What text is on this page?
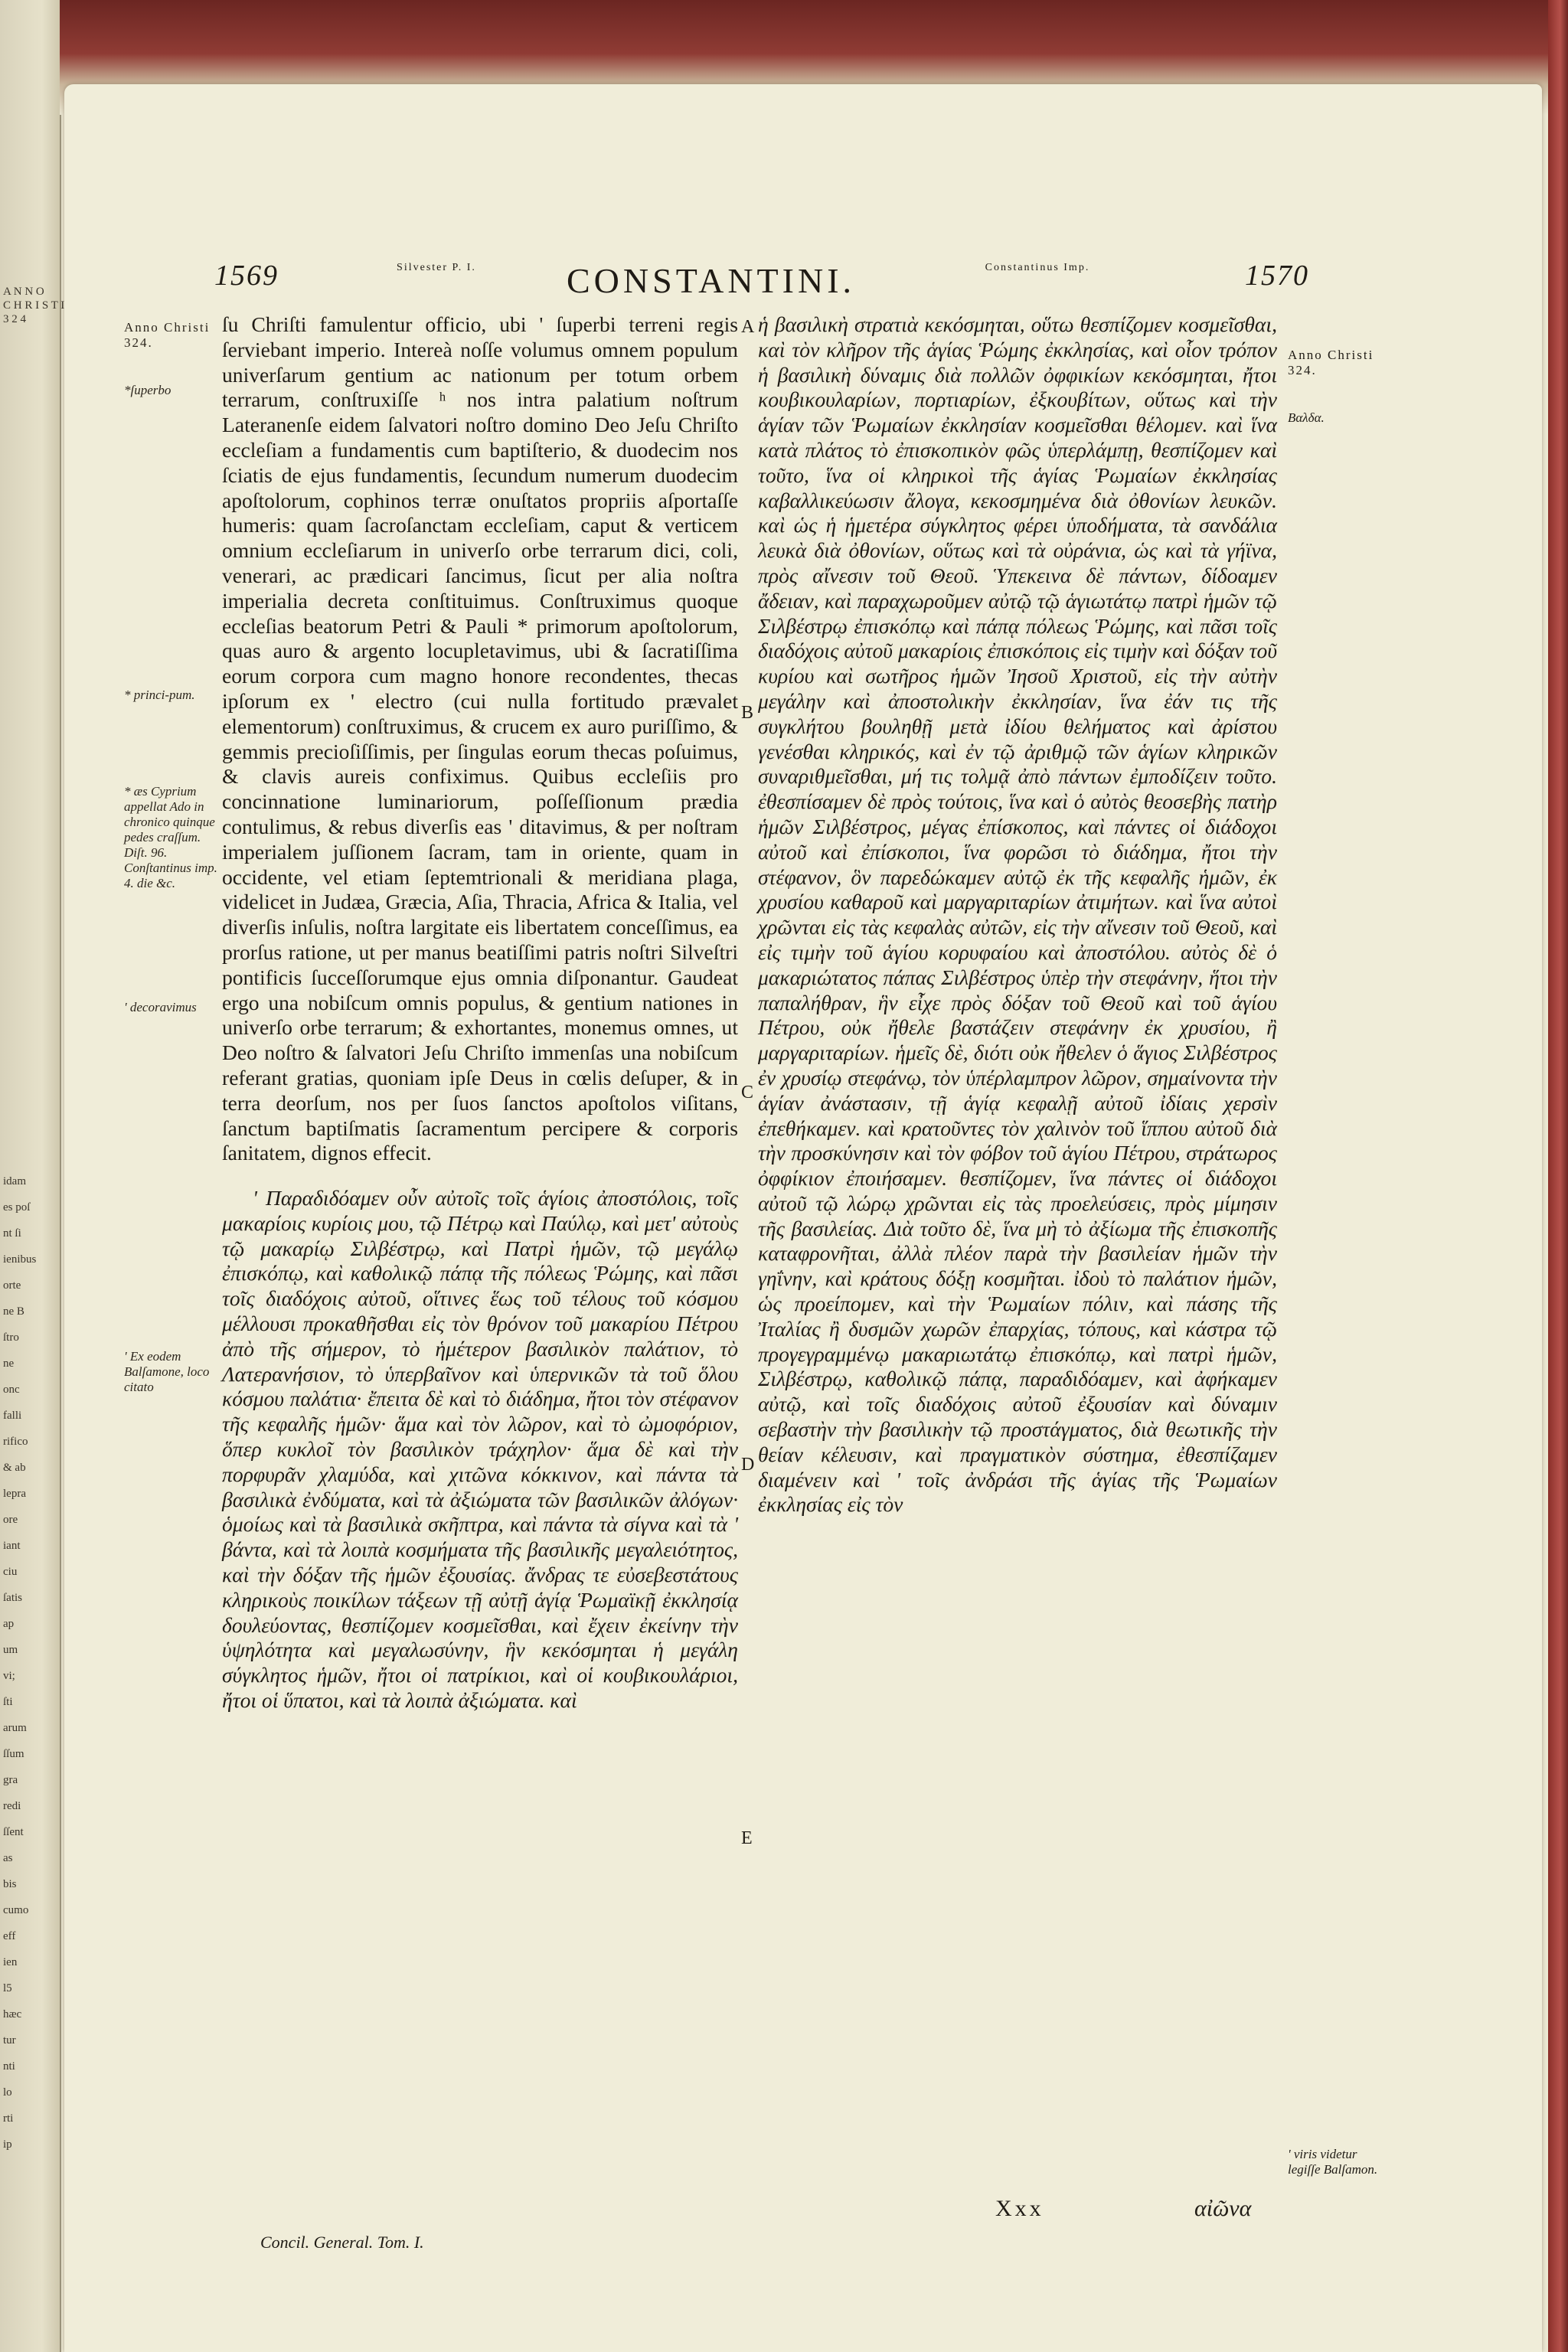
A N N O
C H R I S T I
3 2 4
idam
es poſ
nt ſi
ienibus
orte
ne B
ſtro
ne
onc
falli
rifico
& ab
lepra
ore
iant
ciu
ſatis
ap
um
vi;
ſti
arum
ſſum
gra
redi
ſſent
as
bis
cumo
eff
ien
l5
hæc
tur
nti
lo
rti
ip
1569	Silvester P. I.	CONSTANTINI.	Constantinus Imp.	1570
Anno Christi 324.
*ſuperbo
* princi-pum.
* æs Cyprium appellat Ado in chronico quinque pedes craſſum. Diſt. 96. Conſtantinus imp. 4. die &c.
' decoravimus
' Ex eodem Balſamone, loco citato

ſu Chriſti famulentur officio, ubi ' ſuperbi terreni regis ſerviebant imperio. Intereà noſſe volumus omnem populum univerſarum gentium ac nationum per totum orbem terrarum, conſtruxiſſe ʰ nos intra palatium noſtrum Lateranenſe eidem ſalvatori noſtro domino Deo Jeſu Chriſto eccleſiam a fundamentis cum baptiſterio, & duodecim nos ſciatis de ejus fundamentis, ſecundum numerum duodecim apoſtolorum, cophinos terræ onuſtatos propriis aſportaſſe humeris: quam ſacroſanctam eccleſiam, caput & verticem omnium eccleſiarum in univerſo orbe terrarum dici, coli, venerari, ac prædicari ſancimus, ſicut per alia noſtra imperialia decreta conſtituimus. Conſtruximus quoque eccleſias beatorum Petri & Pauli * primorum apoſtolorum, quas auro & argento locupletavimus, ubi & ſacratiſſima eorum corpora cum magno honore recondentes, thecas ipſorum ex ' electro (cui nulla fortitudo prævalet elementorum) conſtruximus, & crucem ex auro puriſſimo, & gemmis precioſiſſimis, per ſingulas eorum thecas poſuimus, & clavis aureis confiximus. Quibus eccleſiis pro concinnatione luminariorum, poſſeſſionum prædia contulimus, & rebus diverſis eas ' ditavimus, & per noſtram imperialem juſſionem ſacram, tam in oriente, quam in occidente, vel etiam ſeptemtrionali & meridiana plaga, videlicet in Judæa, Græcia, Aſia, Thracia, Africa & Italia, vel diverſis inſulis, noſtra largitate eis libertatem conceſſimus, ea prorſus ratione, ut per manus beatiſſimi patris noſtri Silveſtri pontificis ſucceſſorumque ejus omnia diſponantur. Gaudeat ergo una nobiſcum omnis populus, & gentium nationes in univerſo orbe terrarum; & exhortantes, monemus omnes, ut Deo noſtro & ſalvatori Jeſu Chriſto immenſas una nobiſcum referant gratias, quoniam ipſe Deus in cœlis deſuper, & in terra deorſum, nos per ſuos ſanctos apoſtolos viſitans, ſanctum baptiſmatis ſacramentum percipere & corporis ſanitatem, dignos effecit.

' Παραδιδόαμεν οὖν αὐτοῖς τοῖς ἁγίοις ἀποστόλοις, τοῖς μακαρίοις κυρίοις μου, τῷ Πέτρῳ καὶ Παύλῳ, καὶ μετ' αὐτοὺς τῷ μακαρίῳ Σιλβέστρῳ, καὶ Πατρὶ ἡμῶν, τῷ μεγάλῳ ἐπισκόπῳ, καὶ καθολικῷ πάπᾳ τῆς πόλεως Ῥώμης, καὶ πᾶσι τοῖς διαδόχοις αὐτοῦ, οἵτινες ἕως τοῦ τέλους τοῦ κόσμου μέλλουσι προκαθῆσθαι εἰς τὸν θρόνον τοῦ μακαρίου Πέτρου ἀπὸ τῆς σήμερον, τὸ ἡμέτερον βασιλικὸν παλάτιον, τὸ Λατερανήσιον, τὸ ὑπερβαῖνον καὶ ὑπερνικῶν τὰ τοῦ ὅλου κόσμου παλάτια· ἔπειτα δὲ καὶ τὸ διάδημα, ἤτοι τὸν στέφανον τῆς κεφαλῆς ἡμῶν· ἅμα καὶ τὸν λῶρον, καὶ τὸ ὠμοφόριον, ὅπερ κυκλοῖ τὸν βασιλικὸν τράχηλον· ἅμα δὲ καὶ τὴν πορφυρᾶν χλαμύδα, καὶ χιτῶνα κόκκινον, καὶ πάντα τὰ βασιλικὰ ἐνδύματα, καὶ τὰ ἀξιώματα τῶν βασιλικῶν ἀλόγων· ὁμοίως καὶ τὰ βασιλικὰ σκῆπτρα, καὶ πάντα τὰ σίγνα καὶ τὰ ' βάντα, καὶ τὰ λοιπὰ κοσμήματα τῆς βασιλικῆς μεγαλειότητος, καὶ τὴν δόξαν τῆς ἡμῶν ἐξουσίας. ἄνδρας τε εὐσεβεστάτους κληρικοὺς ποικίλων τάξεων τῇ αὐτῇ ἁγίᾳ Ῥωμαϊκῇ ἐκκλησίᾳ δουλεύοντας, θεσπίζομεν κοσμεῖσθαι, καὶ ἔχειν ἐκείνην τὴν ὑψηλότητα καὶ μεγαλωσύνην, ἣν κεκόσμηται ἡ μεγάλη σύγκλητος ἡμῶν, ἤτοι οἱ πατρίκιοι, καὶ οἱ κουβικουλάριοι, ἤτοι οἱ ὕπατοι, καὶ τὰ λοιπὰ ἀξιώματα. καὶ

A
B
C
D
E

ἡ βασιλικὴ στρατιὰ κεκόσμηται, οὕτω θεσπίζομεν κοσμεῖσθαι, καὶ τὸν κλῆρον τῆς ἁγίας Ῥώμης ἐκκλησίας, καὶ οἷον τρόπον ἡ βασιλικὴ δύναμις διὰ πολλῶν ὀφφικίων κεκόσμηται, ἤτοι κουβικουλαρίων, πορτιαρίων, ἐξκουβίτων, οὕτως καὶ τὴν ἁγίαν τῶν Ῥωμαίων ἐκκλησίαν κοσμεῖσθαι θέλομεν. καὶ ἵνα κατὰ πλάτος τὸ ἐπισκοπικὸν φῶς ὑπερλάμπῃ, θεσπίζομεν καὶ τοῦτο, ἵνα οἱ κληρικοὶ τῆς ἁγίας Ῥωμαίων ἐκκλησίας καβαλλικεύωσιν ἄλογα, κεκοσμημένα διὰ ὀθονίων λευκῶν. καὶ ὡς ἡ ἡμετέρα σύγκλητος φέρει ὑποδήματα, τὰ σανδάλια λευκὰ διὰ ὀθονίων, οὕτως καὶ τὰ οὐράνια, ὡς καὶ τὰ γήϊνα, πρὸς αἴνεσιν τοῦ Θεοῦ. Ὑπεκεινα δὲ πάντων, δίδοαμεν ἄδειαν, καὶ παραχωροῦμεν αὐτῷ τῷ ἁγιωτάτῳ πατρὶ ἡμῶν τῷ Σιλβέστρῳ ἐπισκόπῳ καὶ πάπᾳ πόλεως Ῥώμης, καὶ πᾶσι τοῖς διαδόχοις αὐτοῦ μακαρίοις ἐπισκόποις εἰς τιμὴν καὶ δόξαν τοῦ κυρίου καὶ σωτῆρος ἡμῶν Ἰησοῦ Χριστοῦ, εἰς τὴν αὐτὴν μεγάλην καὶ ἀποστολικὴν ἐκκλησίαν, ἵνα ἐάν τις τῆς συγκλήτου βουληθῇ μετὰ ἰδίου θελήματος καὶ ἀρίστου γενέσθαι κληρικός, καὶ ἐν τῷ ἀριθμῷ τῶν ἁγίων κληρικῶν συναριθμεῖσθαι, μή τις τολμᾷ ἀπὸ πάντων ἐμποδίζειν τοῦτο. ἐθεσπίσαμεν δὲ πρὸς τούτοις, ἵνα καὶ ὁ αὐτὸς θεοσεβὴς πατὴρ ἡμῶν Σιλβέστρος, μέγας ἐπίσκοπος, καὶ πάντες οἱ διάδοχοι αὐτοῦ καὶ ἐπίσκοποι, ἵνα φορῶσι τὸ διάδημα, ἤτοι τὴν στέφανον, ὃν παρεδώκαμεν αὐτῷ ἐκ τῆς κεφαλῆς ἡμῶν, ἐκ χρυσίου καθαροῦ καὶ μαργαριταρίων ἀτιμήτων. καὶ ἵνα αὐτοὶ χρῶνται εἰς τὰς κεφαλὰς αὐτῶν, εἰς τὴν αἴνεσιν τοῦ Θεοῦ, καὶ εἰς τιμὴν τοῦ ἁγίου κορυφαίου καὶ ἀποστόλου. αὐτὸς δὲ ὁ μακαριώτατος πάπας Σιλβέστρος ὑπὲρ τὴν στεφάνην, ἥτοι τὴν παπαλήθραν, ἣν εἶχε πρὸς δόξαν τοῦ Θεοῦ καὶ τοῦ ἁγίου Πέτρου, οὐκ ἤθελε βαστάζειν στεφάνην ἐκ χρυσίου, ἢ μαργαριταρίων. ἡμεῖς δὲ, διότι οὐκ ἤθελεν ὁ ἅγιος Σιλβέστρος ἐν χρυσίῳ στεφάνῳ, τὸν ὑπέρλαμπρον λῶρον, σημαίνοντα τὴν ἁγίαν ἀνάστασιν, τῇ ἁγίᾳ κεφαλῇ αὐτοῦ ἰδίαις χερσὶν ἐπεθήκαμεν. καὶ κρατοῦντες τὸν χαλινὸν τοῦ ἵππου αὐτοῦ διὰ τὴν προσκύνησιν καὶ τὸν φόβον τοῦ ἁγίου Πέτρου, στράτωρος ὀφφίκιον ἐποιήσαμεν. θεσπίζομεν, ἵνα πάντες οἱ διάδοχοι αὐτοῦ τῷ λώρῳ χρῶνται εἰς τὰς προελεύσεις, πρὸς μίμησιν τῆς βασιλείας. Διὰ τοῦτο δὲ, ἵνα μὴ τὸ ἀξίωμα τῆς ἐπισκοπῆς καταφρονῆται, ἀλλὰ πλέον παρὰ τὴν βασιλείαν ἡμῶν τὴν γηΐνην, καὶ κράτους δόξῃ κοσμῆται. ἰδοὺ τὸ παλάτιον ἡμῶν, ὡς προείπομεν, καὶ τὴν Ῥωμαίων πόλιν, καὶ πάσης τῆς Ἰταλίας ἢ δυσμῶν χωρῶν ἐπαρχίας, τόπους, καὶ κάστρα τῷ προγεγραμμένῳ μακαριωτάτῳ ἐπισκόπῳ, καὶ πατρὶ ἡμῶν, Σιλβέστρῳ, καθολικῷ πάπᾳ, παραδιδόαμεν, καὶ ἀφήκαμεν αὐτῷ, καὶ τοῖς διαδόχοις αὐτοῦ ἐξουσίαν καὶ δύναμιν σεβαστὴν τὴν βασιλικὴν τῷ προστάγματος, διὰ θεωτικῆς τὴν θείαν κέλευσιν, καὶ πραγματικὸν σύστημα, ἐθεσπίζαμεν διαμένειν καὶ ' τοῖς ἀνδράσι τῆς ἁγίας τῆς Ῥωμαίων ἐκκλησίας εἰς τὸν

Anno Christi 324.
Βαλδα.
' viris videtur legiſſe Balſamon.
Concil. General. Tom. I.
Xxx	αἰῶνα
